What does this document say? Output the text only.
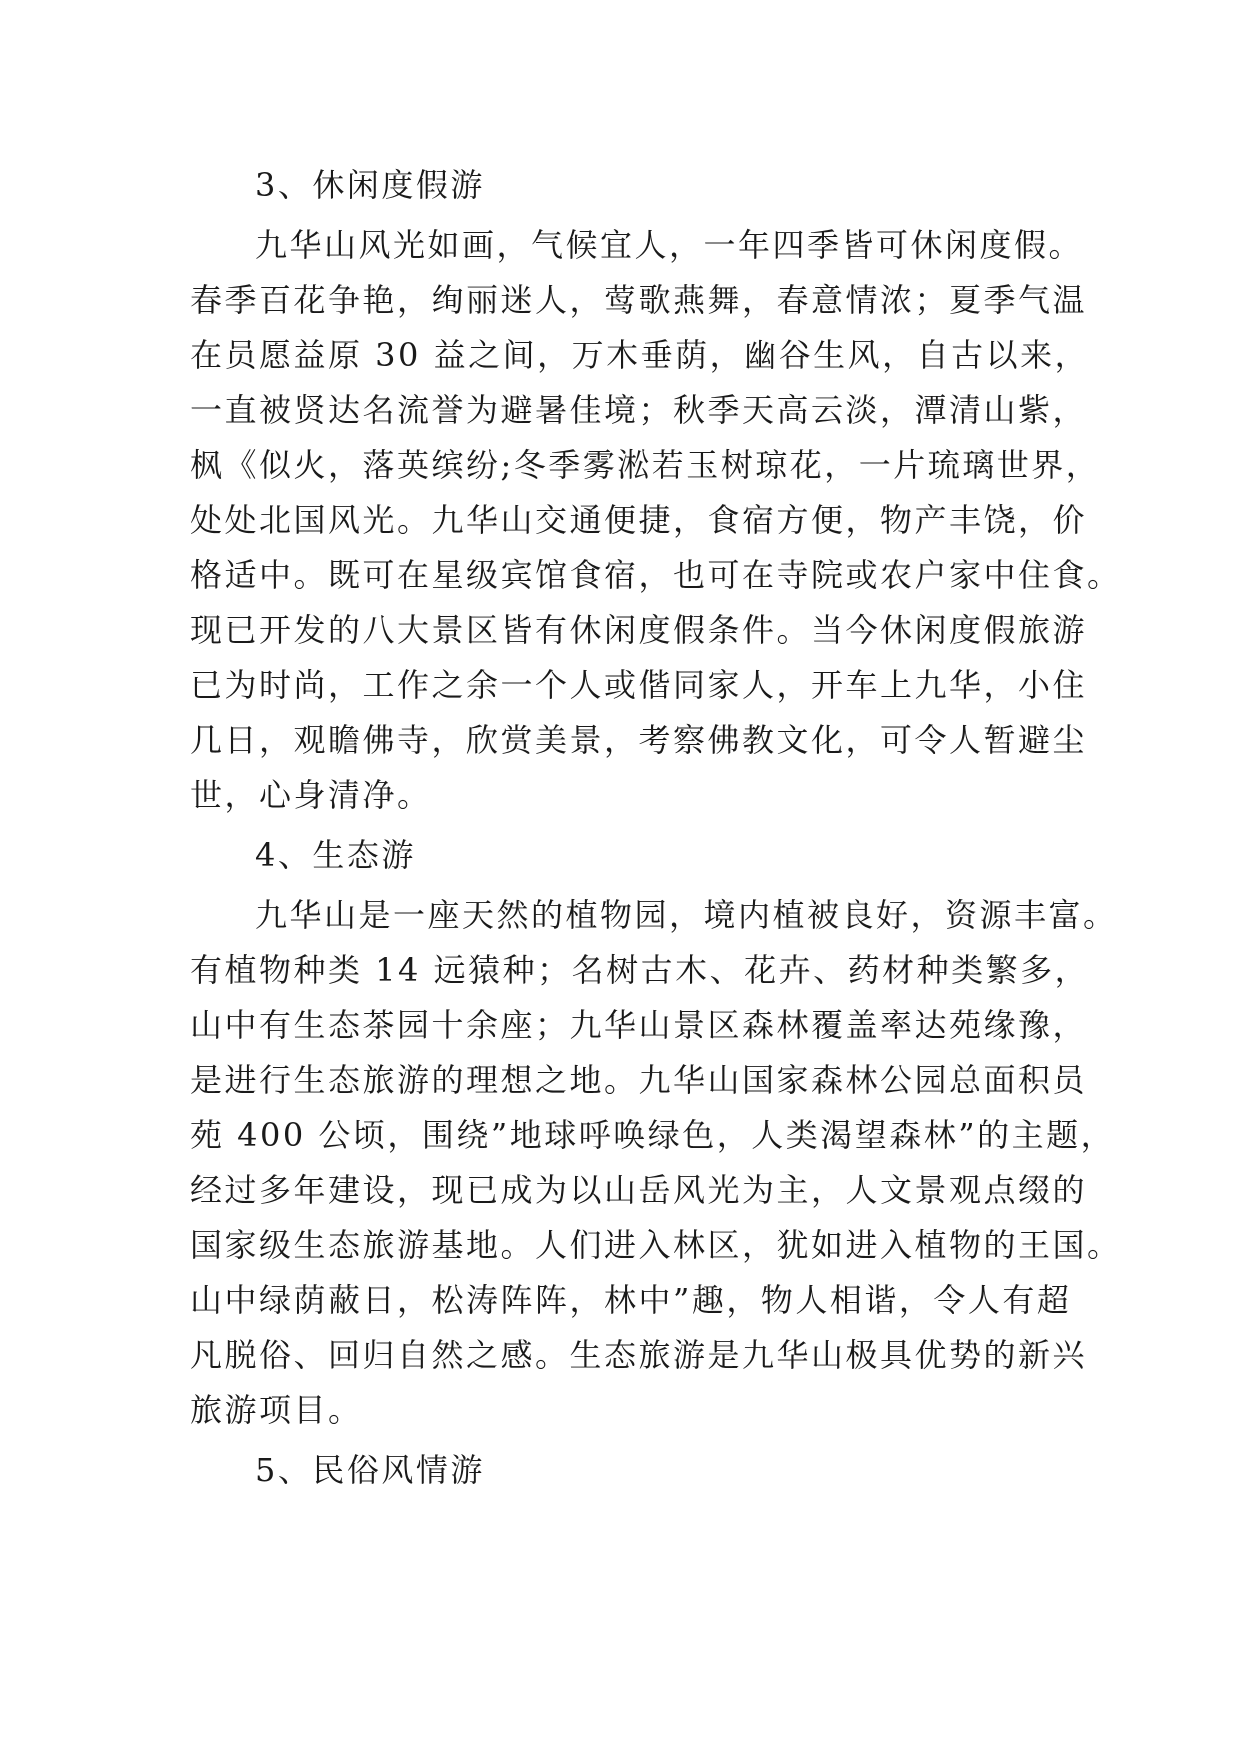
3、休闲度假游
九华山风光如画，气候宜人，一年四季皆可休闲度假。
春季百花争艳，绚丽迷人，莺歌燕舞，春意情浓；夏季气温
在员愿益原 30 益之间，万木垂荫，幽谷生风，自古以来，
一直被贤达名流誉为避暑佳境；秋季天高云淡，潭清山紫，
枫《似火，落英缤纷;冬季雾淞若玉树琼花，一片琉璃世界，
处处北国风光。九华山交通便捷，食宿方便，物产丰饶，价
格适中。既可在星级宾馆食宿，也可在寺院或农户家中住食。
现已开发的八大景区皆有休闲度假条件。当今休闲度假旅游
已为时尚，工作之余一个人或偕同家人，开车上九华，小住
几日，观瞻佛寺，欣赏美景，考察佛教文化，可令人暂避尘
世，心身清净。
4、生态游
九华山是一座天然的植物园，境内植被良好，资源丰富。
有植物种类 14 远猿种；名树古木、花卉、药材种类繁多，
山中有生态茶园十余座；九华山景区森林覆盖率达苑缘豫，
是进行生态旅游的理想之地。九华山国家森林公园总面积员
苑 400 公顷，围绕”地球呼唤绿色，人类渴望森林”的主题，
经过多年建设，现已成为以山岳风光为主，人文景观点缀的
国家级生态旅游基地。人们进入林区，犹如进入植物的王国。
山中绿荫蔽日，松涛阵阵，林中”趣，物人相谐，令人有超
凡脱俗、回归自然之感。生态旅游是九华山极具优势的新兴
旅游项目。
5、民俗风情游
